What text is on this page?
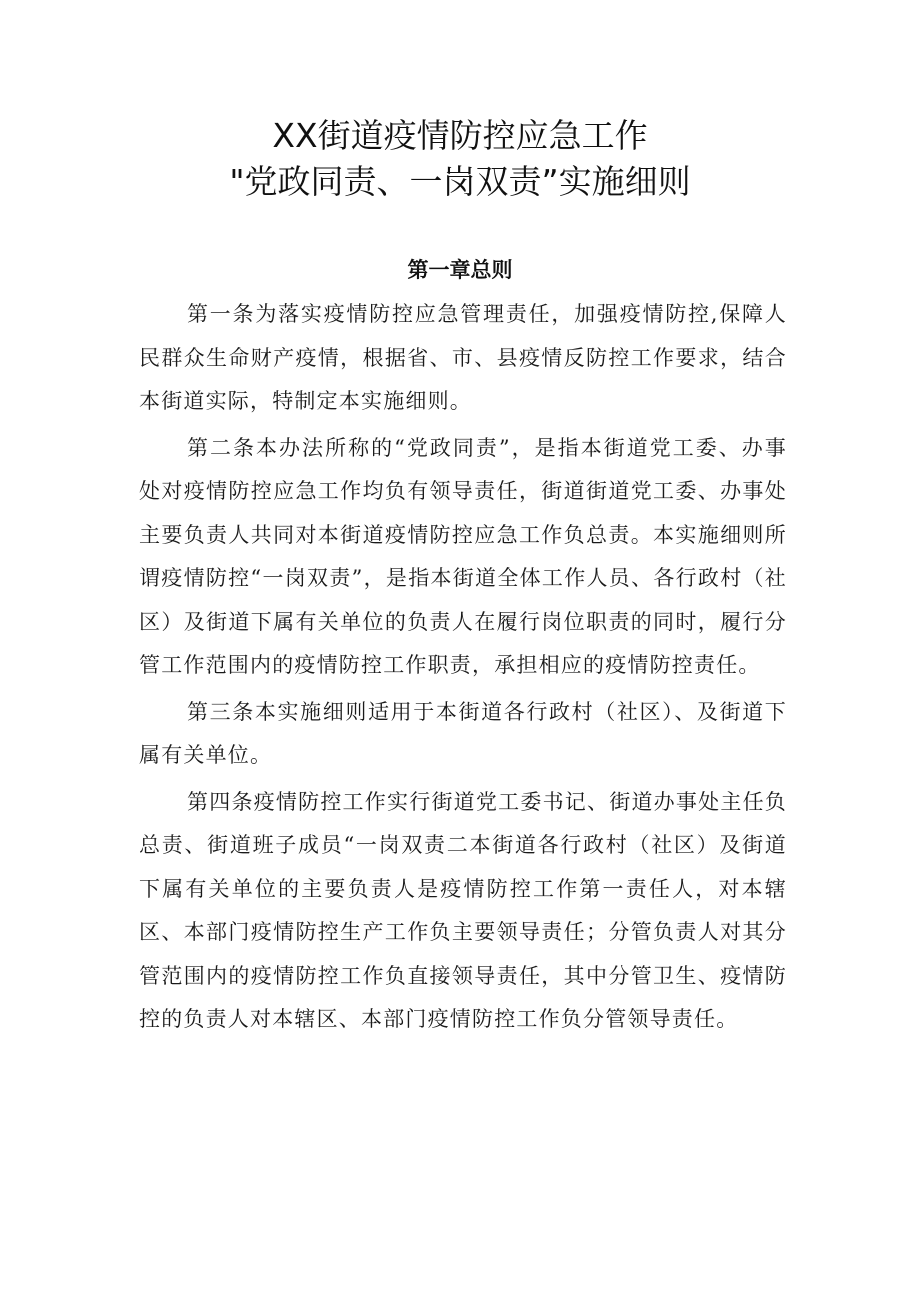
XX街道疫情防控应急工作
"党政同责、一岗双责”实施细则
第一章总则

第一条为落实疫情防控应急管理责任，加强疫情防控,保障人民群众生命财产疫情，根据省、市、县疫情反防控工作要求，结合本街道实际，特制定本实施细则。

第二条本办法所称的“党政同责”，是指本街道党工委、办事处对疫情防控应急工作均负有领导责任，街道街道党工委、办事处主要负责人共同对本街道疫情防控应急工作负总责。本实施细则所谓疫情防控“一岗双责”，是指本街道全体工作人员、各行政村（社区）及街道下属有关单位的负责人在履行岗位职责的同时，履行分管工作范围内的疫情防控工作职责，承担相应的疫情防控责任。

第三条本实施细则适用于本街道各行政村（社区）、及街道下属有关单位。

第四条疫情防控工作实行街道党工委书记、街道办事处主任负总责、街道班子成员“一岗双责二本街道各行政村（社区）及街道下属有关单位的主要负责人是疫情防控工作第一责任人，对本辖区、本部门疫情防控生产工作负主要领导责任；分管负责人对其分管范围内的疫情防控工作负直接领导责任，其中分管卫生、疫情防控的负责人对本辖区、本部门疫情防控工作负分管领导责任。
